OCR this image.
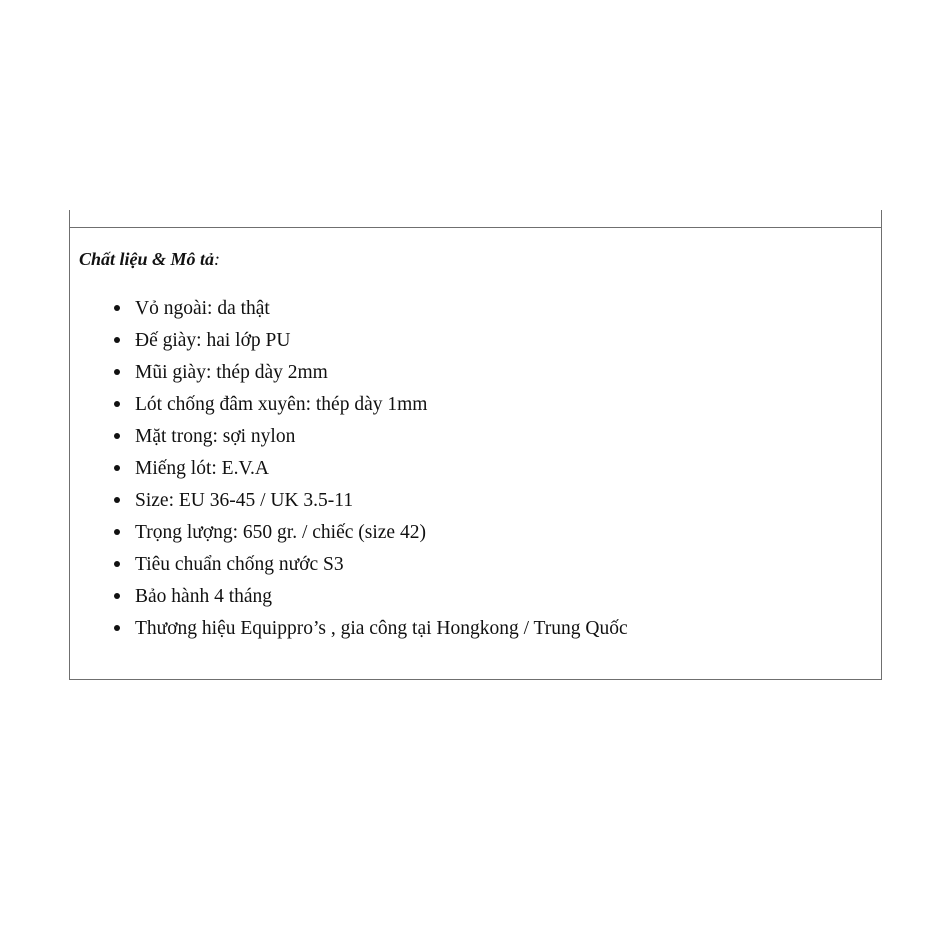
Chất liệu & Mô tả:

Vỏ ngoài: da thật
Đế giày: hai lớp PU
Mũi giày: thép dày 2mm
Lót chống đâm xuyên: thép dày 1mm
Mặt trong: sợi nylon
Miếng lót: E.V.A
Size: EU 36-45 / UK 3.5-11
Trọng lượng: 650 gr. / chiếc (size 42)
Tiêu chuẩn chống nước S3
Bảo hành 4 tháng
Thương hiệu Equippro’s , gia công tại Hongkong / Trung Quốc
